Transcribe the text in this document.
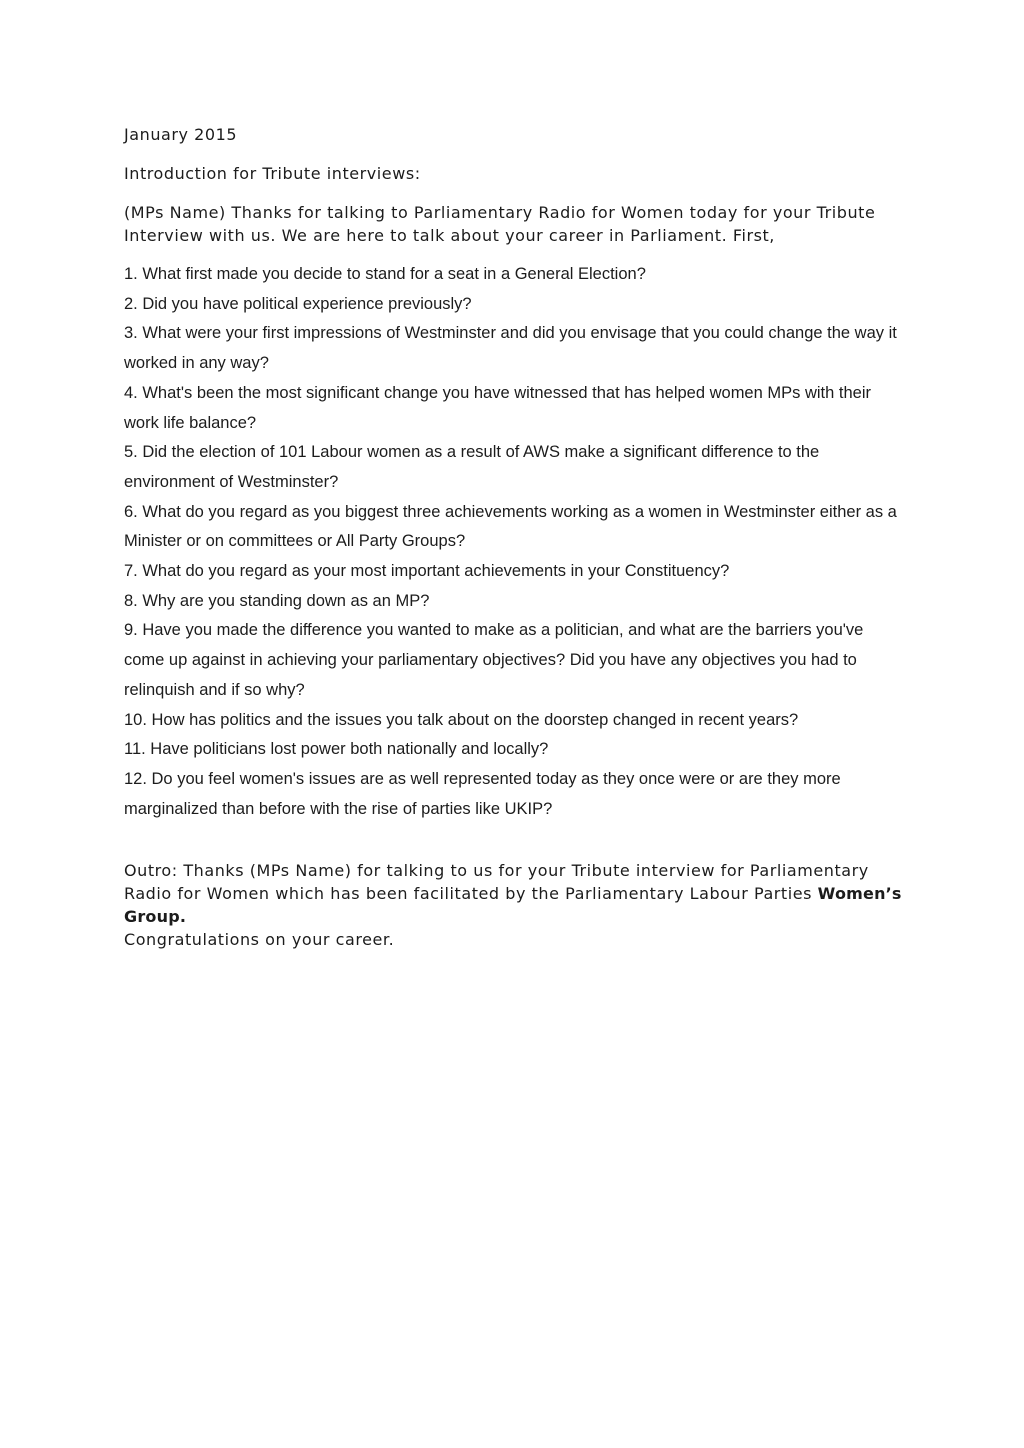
January 2015

Introduction for Tribute interviews:

(MPs Name) Thanks for talking to Parliamentary Radio for Women today for your Tribute Interview with us. We are here to talk about your career in Parliament. First,

1. What first made you decide to stand for a seat in a General Election?
2. Did you have political experience previously?
3. What were your first impressions of Westminster and did you envisage that you could change the way it worked in any way?
4. What's been the most significant change you have witnessed that has helped women MPs with their work life balance?
5. Did the election of 101 Labour women as a result of AWS make a significant difference to the environment of Westminster?
6. What do you regard as you biggest three achievements working as a women in Westminster either as a Minister or on committees or All Party Groups?
7. What do you regard as your most important achievements in your Constituency?
8. Why are you standing down as an MP?
9. Have you made the difference you wanted to make as a politician, and what are the barriers you've come up against in achieving your parliamentary objectives? Did you have any objectives you had to relinquish and if so why?
10. How has politics and the issues you talk about on the doorstep changed in recent years?
11. Have politicians lost power both nationally and locally?
12. Do you feel women's issues are as well represented today as they once were or are they more marginalized than before with the rise of parties like UKIP?

Outro: Thanks (MPs Name) for talking to us for your Tribute interview for Parliamentary Radio for Women which has been facilitated by the Parliamentary Labour Parties Women’s Group.
Congratulations on your career.
